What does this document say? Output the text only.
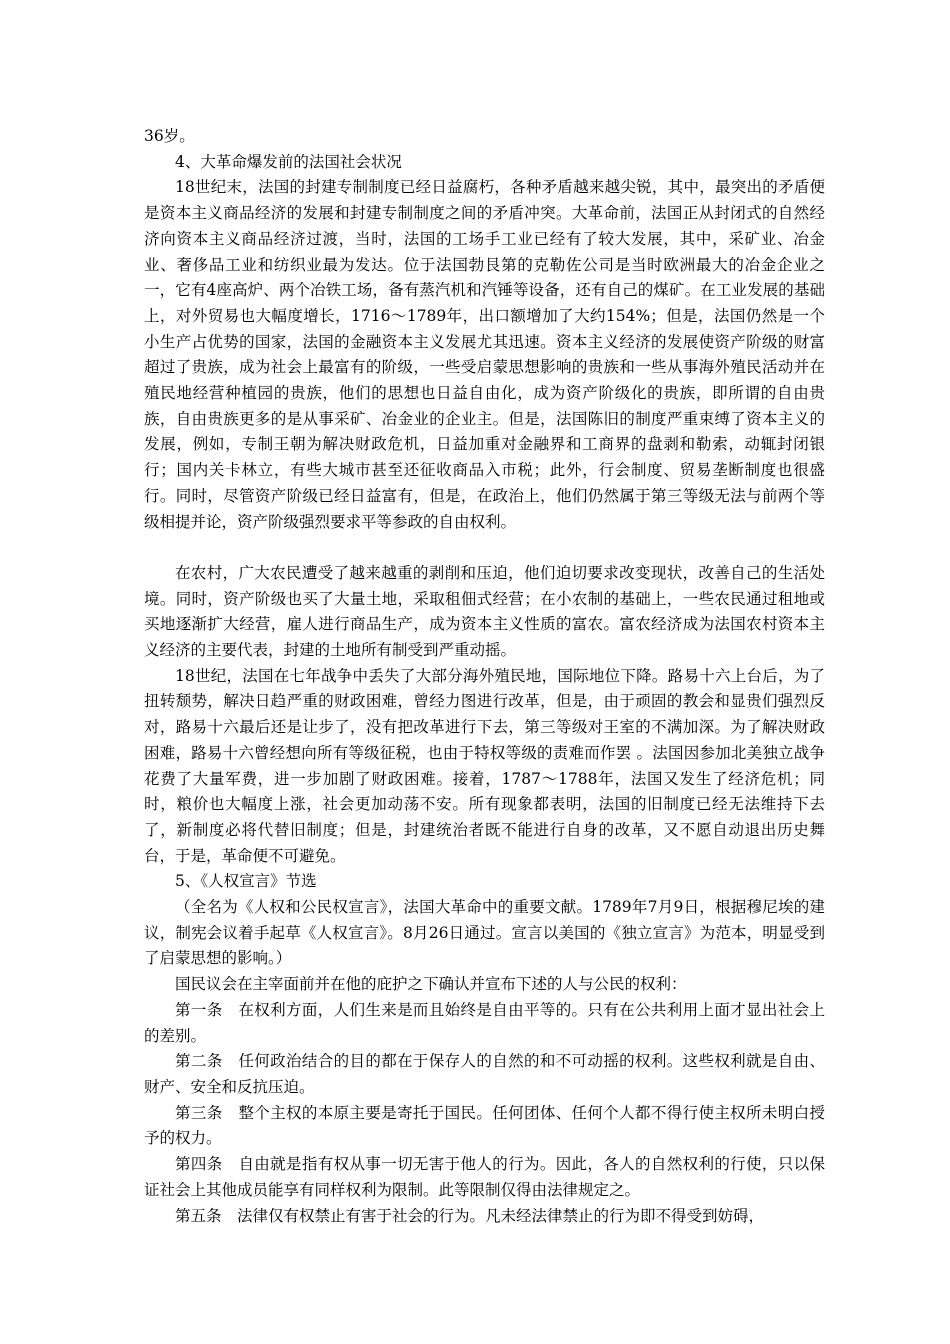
36岁。

4、大革命爆发前的法国社会状况

18世纪末，法国的封建专制制度已经日益腐朽，各种矛盾越来越尖锐，其中，最突出的矛盾便是资本主义商品经济的发展和封建专制制度之间的矛盾冲突。大革命前，法国正从封闭式的自然经济向资本主义商品经济过渡，当时，法国的工场手工业已经有了较大发展，其中，采矿业、冶金业、奢侈品工业和纺织业最为发达。位于法国勃艮第的克勒佐公司是当时欧洲最大的冶金企业之一，它有4座高炉、两个冶铁工场，备有蒸汽机和汽锤等设备，还有自己的煤矿。在工业发展的基础上，对外贸易也大幅度增长，1716～1789年，出口额增加了大约154%；但是，法国仍然是一个小生产占优势的国家，法国的金融资本主义发展尤其迅速。资本主义经济的发展使资产阶级的财富超过了贵族，成为社会上最富有的阶级，一些受启蒙思想影响的贵族和一些从事海外殖民活动并在殖民地经营种植园的贵族，他们的思想也日益自由化，成为资产阶级化的贵族，即所谓的自由贵族，自由贵族更多的是从事采矿、冶金业的企业主。但是，法国陈旧的制度严重束缚了资本主义的发展，例如，专制王朝为解决财政危机，日益加重对金融界和工商界的盘剥和勒索，动辄封闭银行；国内关卡林立，有些大城市甚至还征收商品入市税；此外，行会制度、贸易垄断制度也很盛行。同时，尽管资产阶级已经日益富有，但是，在政治上，他们仍然属于第三等级无法与前两个等级相提并论，资产阶级强烈要求平等参政的自由权利。

在农村，广大农民遭受了越来越重的剥削和压迫，他们迫切要求改变现状，改善自己的生活处境。同时，资产阶级也买了大量土地，采取租佃式经营；在小农制的基础上，一些农民通过租地或买地逐渐扩大经营，雇人进行商品生产，成为资本主义性质的富农。富农经济成为法国农村资本主义经济的主要代表，封建的土地所有制受到严重动摇。

18世纪，法国在七年战争中丢失了大部分海外殖民地，国际地位下降。路易十六上台后，为了扭转颓势，解决日趋严重的财政困难，曾经力图进行改革，但是，由于顽固的教会和显贵们强烈反对，路易十六最后还是让步了，没有把改革进行下去，第三等级对王室的不满加深。为了解决财政困难，路易十六曾经想向所有等级征税，也由于特权等级的责难而作罢 。法国因参加北美独立战争花费了大量军费，进一步加剧了财政困难。接着，1787～1788年，法国又发生了经济危机；同时，粮价也大幅度上涨，社会更加动荡不安。所有现象都表明，法国的旧制度已经无法维持下去了，新制度必将代替旧制度；但是，封建统治者既不能进行自身的改革，又不愿自动退出历史舞台，于是，革命便不可避免。

5、《人权宣言》节选

（全名为《人权和公民权宣言》，法国大革命中的重要文献。1789年7月9日，根据穆尼埃的建议，制宪会议着手起草《人权宣言》。8月26日通过。宣言以美国的《独立宣言》为范本，明显受到了启蒙思想的影响。）

国民议会在主宰面前并在他的庇护之下确认并宣布下述的人与公民的权利：

第一条　在权利方面，人们生来是而且始终是自由平等的。只有在公共利用上面才显出社会上的差别。

第二条　任何政治结合的目的都在于保存人的自然的和不可动摇的权利。这些权利就是自由、财产、安全和反抗压迫。

第三条　整个主权的本原主要是寄托于国民。任何团体、任何个人都不得行使主权所未明白授予的权力。

第四条　自由就是指有权从事一切无害于他人的行为。因此，各人的自然权利的行使，只以保证社会上其他成员能享有同样权利为限制。此等限制仅得由法律规定之。

第五条　法律仅有权禁止有害于社会的行为。凡未经法律禁止的行为即不得受到妨碍，
